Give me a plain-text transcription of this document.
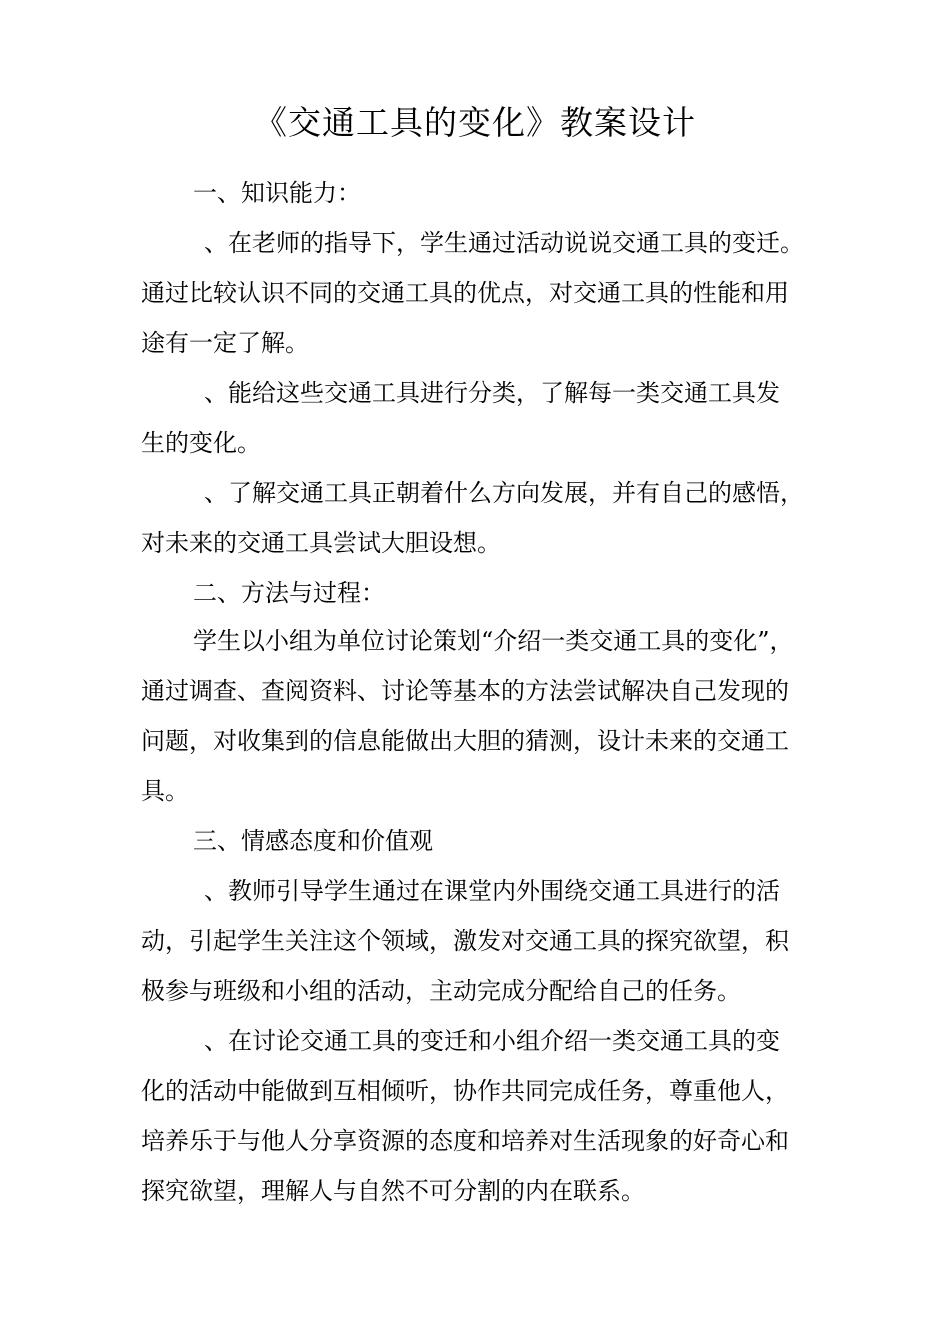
《交通工具的变化》教案设计
一、知识能力：
、在老师的指导下，学生通过活动说说交通工具的变迁。
通过比较认识不同的交通工具的优点，对交通工具的性能和用
途有一定了解。
、能给这些交通工具进行分类，了解每一类交通工具发
生的变化。
、了解交通工具正朝着什么方向发展，并有自己的感悟，
对未来的交通工具尝试大胆设想。
二、方法与过程：
学生以小组为单位讨论策划“介绍一类交通工具的变化”，
通过调查、查阅资料、讨论等基本的方法尝试解决自己发现的
问题，对收集到的信息能做出大胆的猜测，设计未来的交通工
具。
三、情感态度和价值观
、教师引导学生通过在课堂内外围绕交通工具进行的活
动，引起学生关注这个领域，激发对交通工具的探究欲望，积
极参与班级和小组的活动，主动完成分配给自己的任务。
、在讨论交通工具的变迁和小组介绍一类交通工具的变
化的活动中能做到互相倾听，协作共同完成任务，尊重他人，
培养乐于与他人分享资源的态度和培养对生活现象的好奇心和
探究欲望，理解人与自然不可分割的内在联系。
